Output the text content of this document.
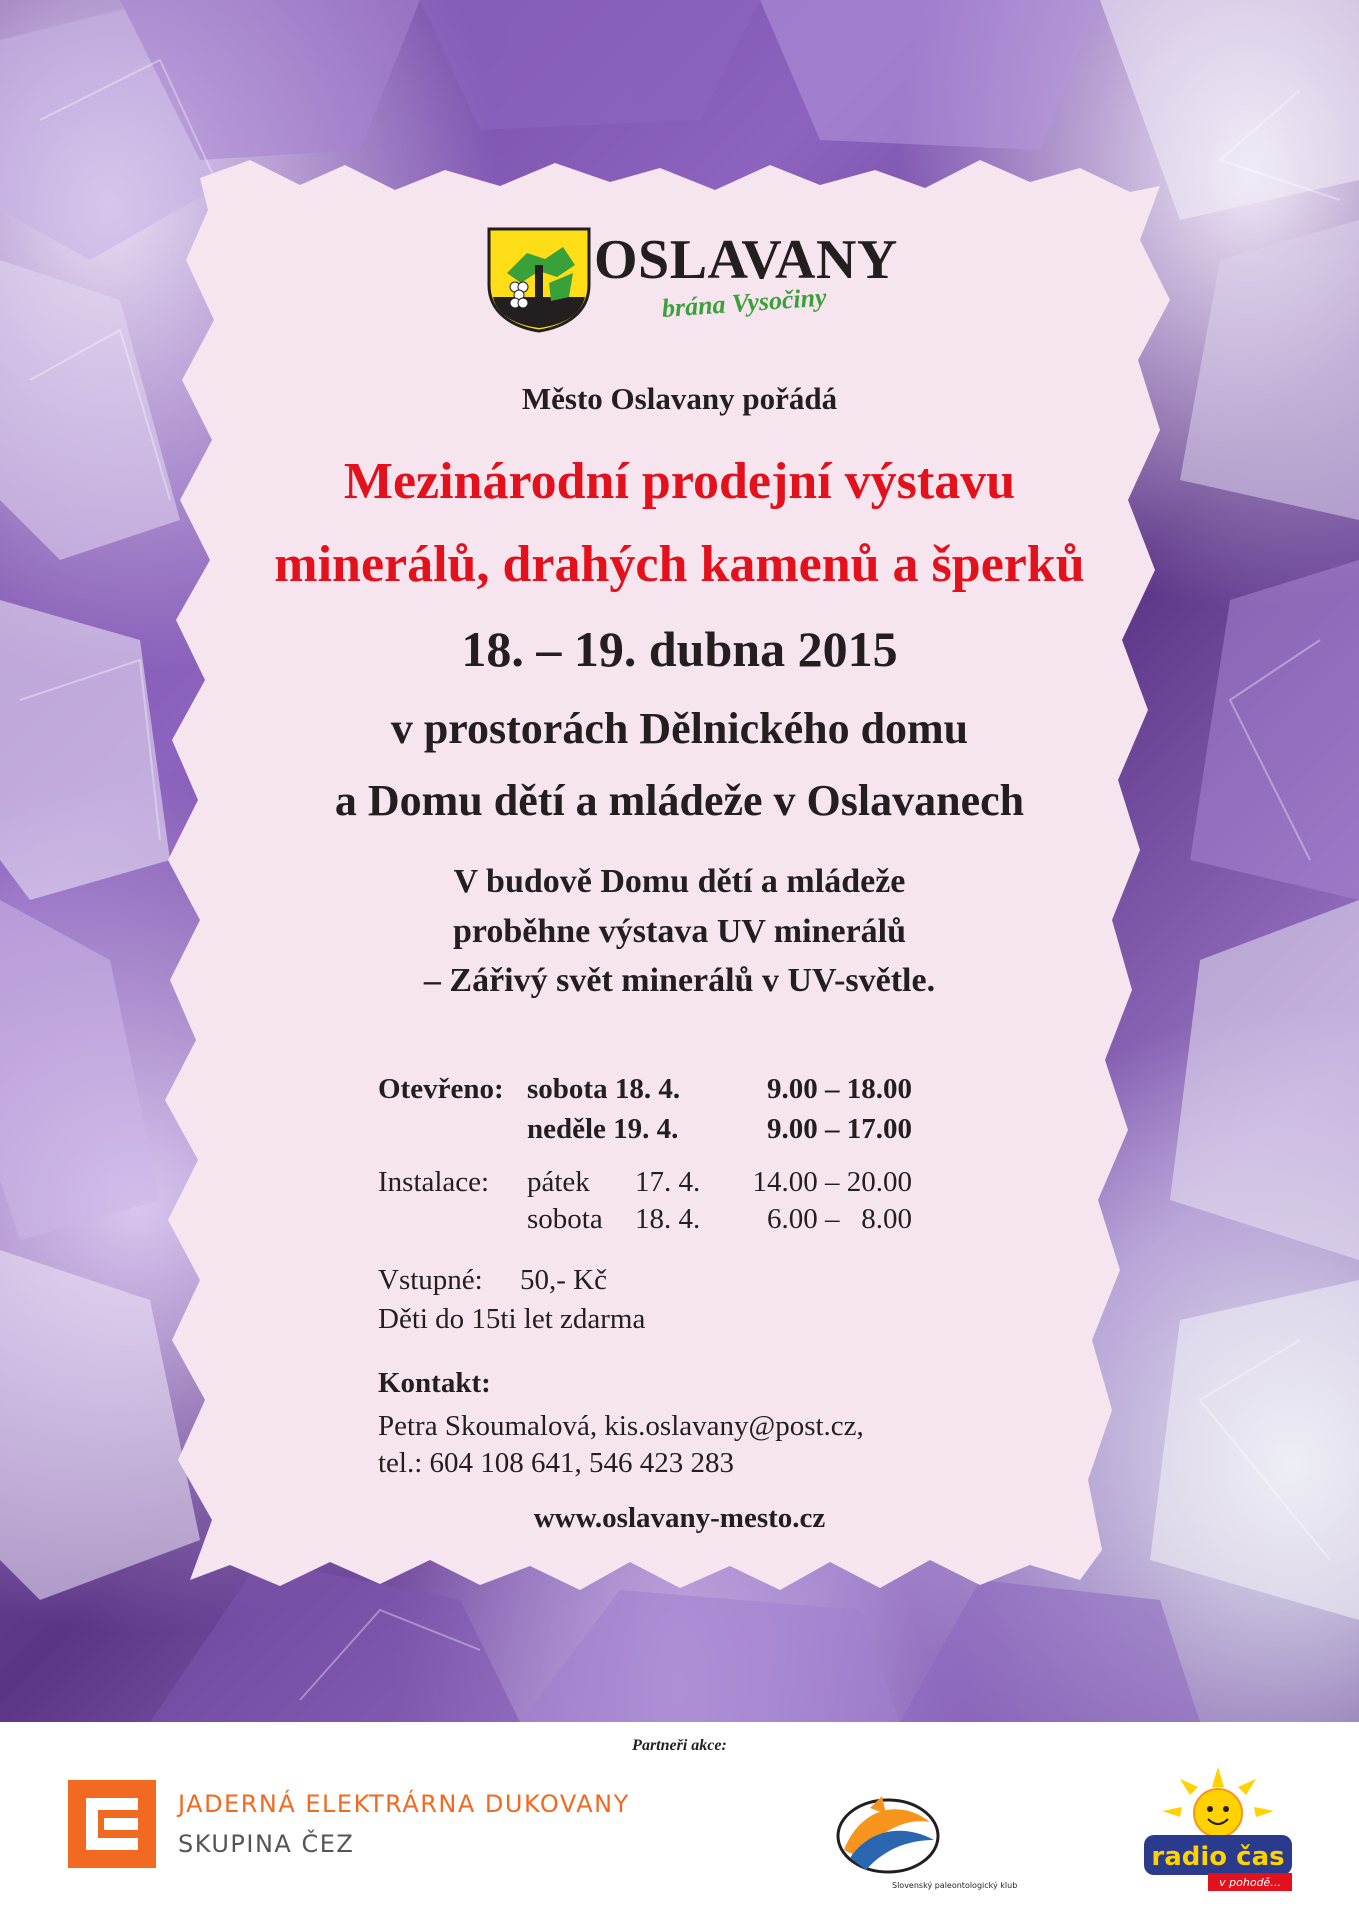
OSLAVANY
brána Vysočiny
Město Oslavany pořádá
Mezinárodní prodejní výstavu
minerálů, drahých kamenů a šperků
18. – 19. dubna 2015
v prostorách Dělnického domu
a Domu dětí a mládeže v Oslavanech
V budově Domu dětí a mládeže
proběhne výstava UV minerálů
– Zářivý svět minerálů v UV-světle.
Otevřeno: sobota 18. 4.	9.00 – 18.00
neděle 19. 4.	9.00 – 17.00
Instalace: pátek 17. 4.	14.00 – 20.00
sobota 18. 4.	6.00 –   8.00
Vstupné: 50,- Kč
Děti do 15ti let zdarma
Kontakt:
Petra Skoumalová, kis.oslavany@post.cz,
tel.: 604 108 641, 546 423 283
www.oslavany-mesto.cz
Partneři akce:
JADERNÁ ELEKTRÁRNA DUKOVANY
SKUPINA ČEZ
Slovenský paleontologický klub
radio čas
v pohodě...
